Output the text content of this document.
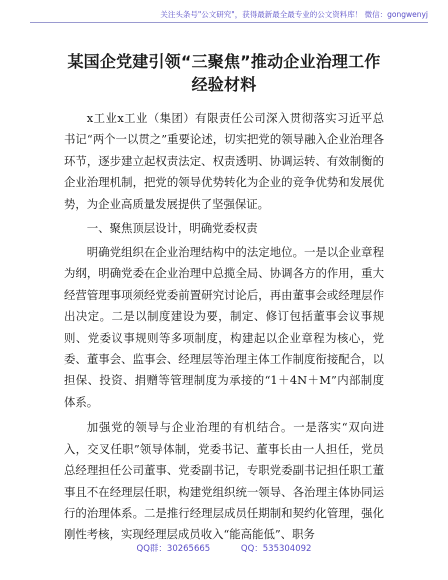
关注头条号"公文研究"，获得最新最全最专业的公文资料库！ 微信：gongwenyj
某国企党建引领“三聚焦”推动企业治理工作经验材料

x工业x工业（集团）有限责任公司深入贯彻落实习近平总书记“两个一以贯之”重要论述，切实把党的领导融入企业治理各环节，逐步建立起权责法定、权责透明、协调运转、有效制衡的企业治理机制，把党的领导优势转化为企业的竞争优势和发展优势，为企业高质量发展提供了坚强保证。

一、聚焦顶层设计，明确党委权责

明确党组织在企业治理结构中的法定地位。一是以企业章程为纲，明确党委在企业治理中总揽全局、协调各方的作用，重大经营管理事项须经党委前置研究讨论后，再由董事会或经理层作出决定。二是以制度建设为要，制定、修订包括董事会议事规则、党委议事规则等多项制度，构建起以企业章程为核心，党委、董事会、监事会、经理层等治理主体工作制度衔接配合，以担保、投资、捐赠等管理制度为承接的“1＋4N＋M”内部制度体系。

加强党的领导与企业治理的有机结合。一是落实“双向进入，交叉任职”领导体制，党委书记、董事长由一人担任，党员总经理担任公司董事、党委副书记，专职党委副书记担任职工董事且不在经理层任职，构建党组织统一领导、各治理主体协同运行的治理体系。二是推行经理层成员任期制和契约化管理，强化刚性考核，实现经理层成员收入“能高能低”、职务

QQ群：30265665	QQ：535304092
